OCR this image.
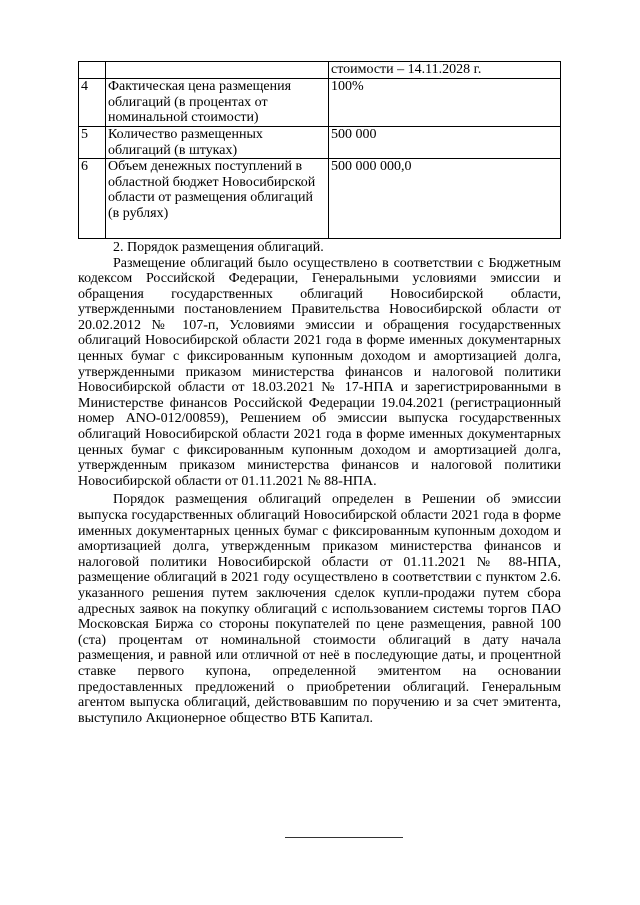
		стоимости – 14.11.2028 г.
4	Фактическая цена размещения облигаций (в процентах от номинальной стоимости)	100%
5	Количество размещенных облигаций (в штуках)	500 000
6	Объем денежных поступлений в областной бюджет Новосибирской области от размещения облигаций (в рублях)	500 000 000,0
2. Порядок размещения облигаций.

Размещение облигаций было осуществлено в соответствии с Бюджетным кодексом Российской Федерации, Генеральными условиями эмиссии и обращения государственных облигаций Новосибирской области, утвержденными постановлением Правительства Новосибирской области от 20.02.2012 № 107-п, Условиями эмиссии и обращения государственных облигаций Новосибирской области 2021 года в форме именных документарных ценных бумаг с фиксированным купонным доходом и амортизацией долга, утвержденными приказом министерства финансов и налоговой политики Новосибирской области от 18.03.2021 № 17-НПА и зарегистрированными в Министерстве финансов Российской Федерации 19.04.2021 (регистрационный номер ANO-012/00859), Решением об эмиссии выпуска государственных облигаций Новосибирской области 2021 года в форме именных документарных ценных бумаг с фиксированным купонным доходом и амортизацией долга, утвержденным приказом министерства финансов и налоговой политики Новосибирской области от 01.11.2021 № 88-НПА.

Порядок размещения облигаций определен в Решении об эмиссии выпуска государственных облигаций Новосибирской области 2021 года в форме именных документарных ценных бумаг с фиксированным купонным доходом и амортизацией долга, утвержденным приказом министерства финансов и налоговой политики Новосибирской области от 01.11.2021 № 88-НПА, размещение облигаций в 2021 году осуществлено в соответствии с пунктом 2.6. указанного решения путем заключения сделок купли-продажи путем сбора адресных заявок на покупку облигаций с использованием системы торгов ПАО Московская Биржа со стороны покупателей по цене размещения, равной 100 (ста) процентам от номинальной стоимости облигаций в дату начала размещения, и равной или отличной от неё в последующие даты, и процентной ставке первого купона, определенной эмитентом на основании предоставленных предложений о приобретении облигаций. Генеральным агентом выпуска облигаций, действовавшим по поручению и за счет эмитента, выступило Акционерное общество ВТБ Капитал.
